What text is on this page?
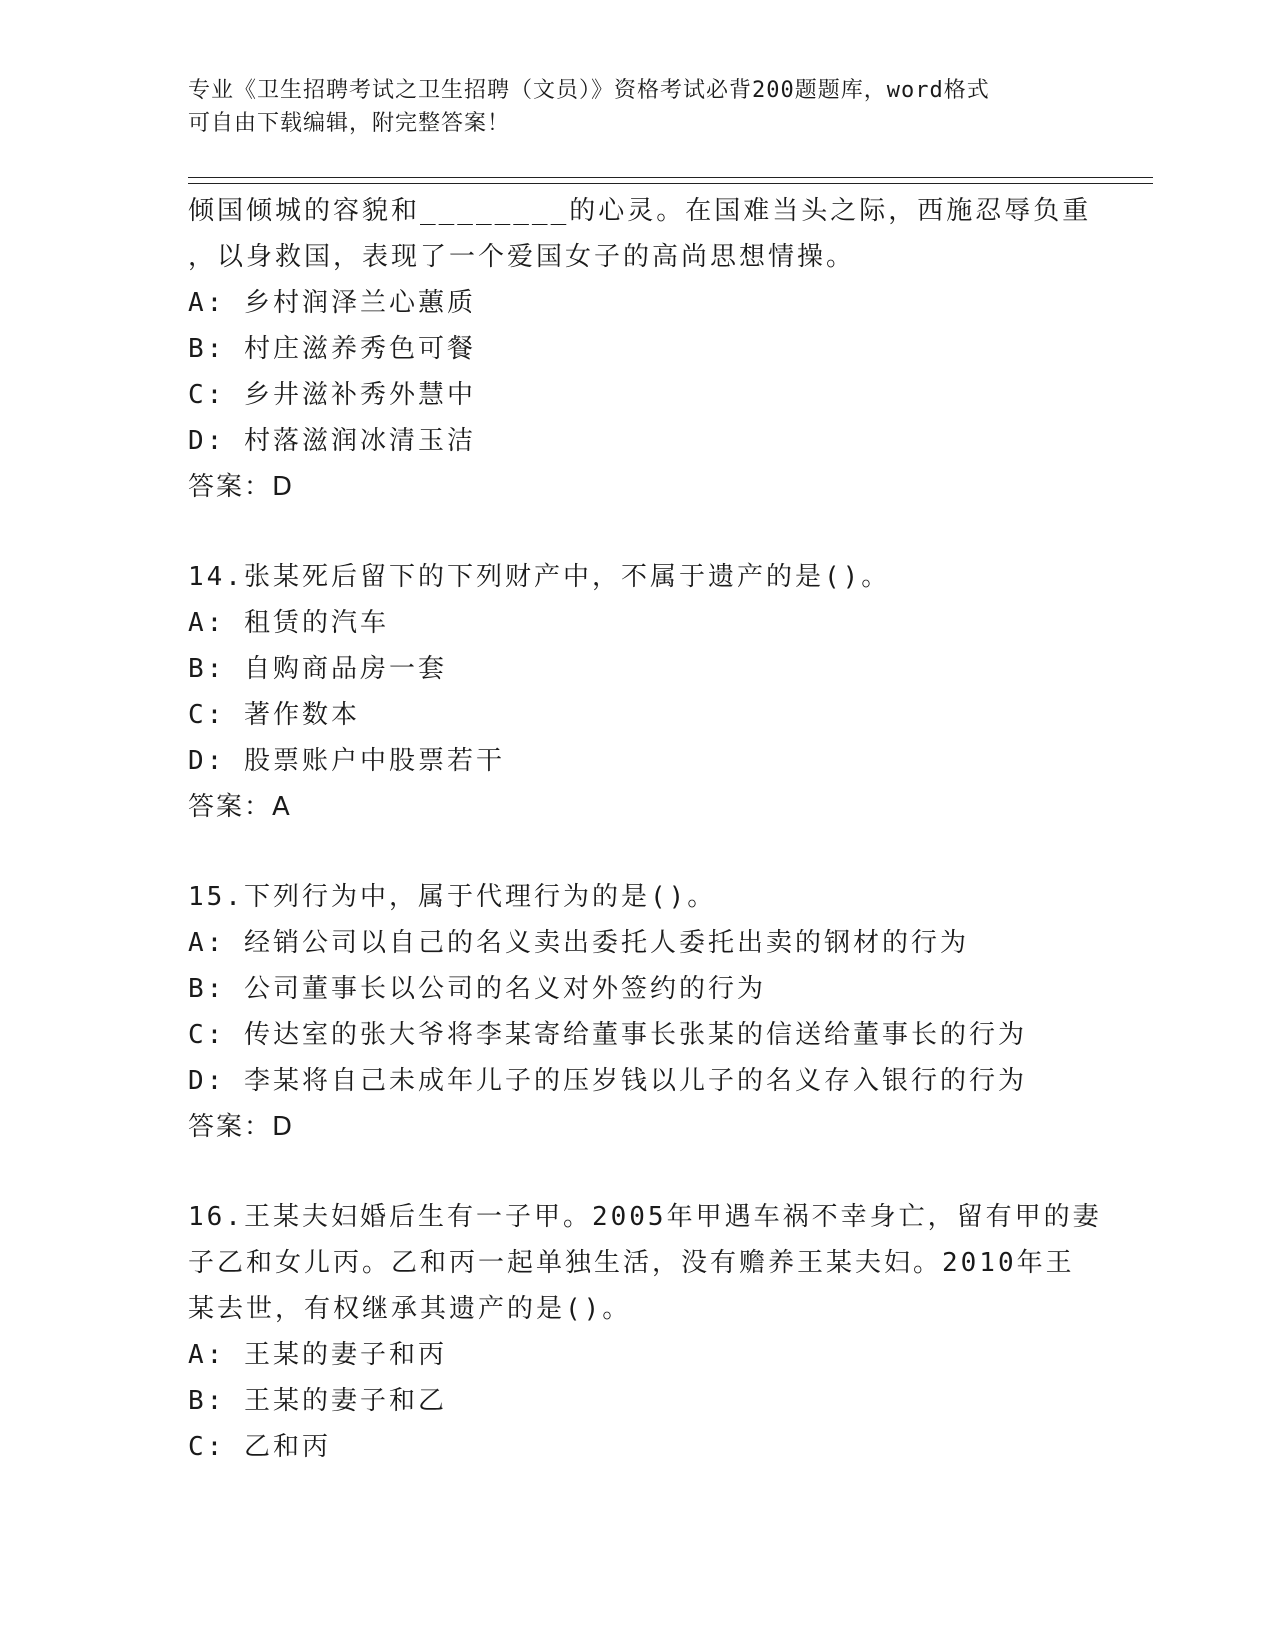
专业《卫生招聘考试之卫生招聘（文员）》资格考试必背200题题库，word格式
可自由下载编辑，附完整答案！
倾国倾城的容貌和________的心灵。在国难当头之际，西施忍辱负重
，以身救国，表现了一个爱国女子的高尚思想情操。
A: 乡村润泽兰心蕙质
B: 村庄滋养秀色可餐
C: 乡井滋补秀外慧中
D: 村落滋润冰清玉洁
答案：D
14.张某死后留下的下列财产中，不属于遗产的是()。
A: 租赁的汽车
B: 自购商品房一套
C: 著作数本
D: 股票账户中股票若干
答案：A
15.下列行为中，属于代理行为的是()。
A: 经销公司以自己的名义卖出委托人委托出卖的钢材的行为
B: 公司董事长以公司的名义对外签约的行为
C: 传达室的张大爷将李某寄给董事长张某的信送给董事长的行为
D: 李某将自己未成年儿子的压岁钱以儿子的名义存入银行的行为
答案：D
16.王某夫妇婚后生有一子甲。2005年甲遇车祸不幸身亡，留有甲的妻
子乙和女儿丙。乙和丙一起单独生活，没有赡养王某夫妇。2010年王
某去世，有权继承其遗产的是()。
A: 王某的妻子和丙
B: 王某的妻子和乙
C: 乙和丙
